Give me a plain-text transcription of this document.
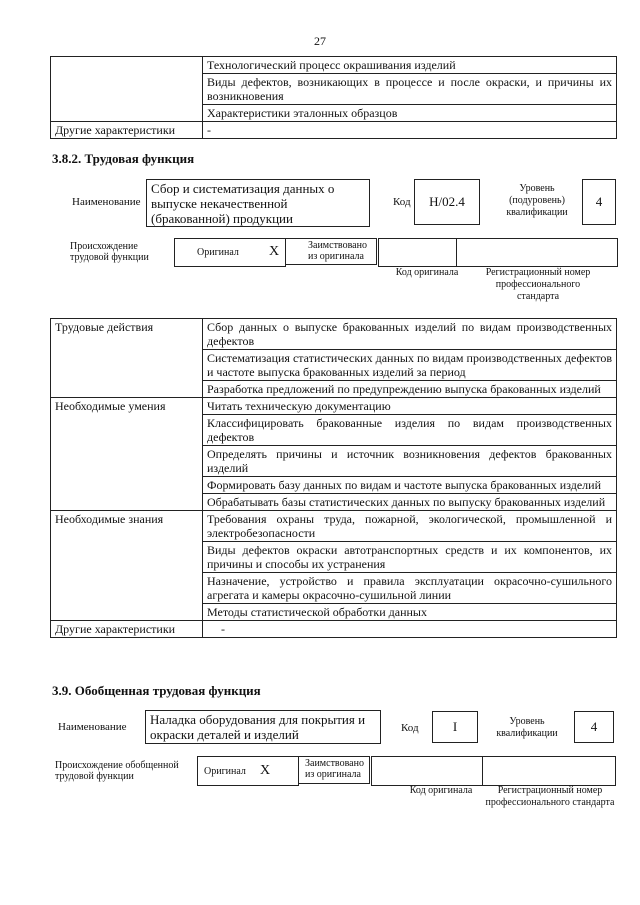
27
	Технологический процесс окрашивания изделий
	Виды дефектов, возникающих в процессе и после окраски, и причины их возникновения
	Характеристики эталонных образцов
Другие характеристики	-
3.8.2. Трудовая функция
Наименование
Сбор и систематизация данных о выпуске некачественной (бракованной) продукции
Код	H/02.4
Уровень (подуровень) квалификации
4
Происхождение трудовой функции	Оригинал X	Заимствовано из оригинала
Код оригинала	Регистрационный номер профессионального стандарта
Трудовые действия	Сбор данных о выпуске бракованных изделий по видам производственных дефектов
	Систематизация статистических данных по видам производственных дефектов и частоте выпуска бракованных изделий за период
	Разработка предложений по предупреждению выпуска бракованных изделий
Необходимые умения	Читать техническую документацию
	Классифицировать бракованные изделия по видам производственных дефектов
	Определять причины и источник возникновения дефектов бракованных изделий
	Формировать базу данных по видам и частоте выпуска бракованных изделий
	Обрабатывать базы статистических данных по выпуску бракованных изделий
Необходимые знания	Требования охраны труда, пожарной, экологической, промышленной и электробезопасности
	Виды дефектов окраски автотранспортных средств и их компонентов, их причины и способы их устранения
	Назначение, устройство и правила эксплуатации окрасочно-сушильного агрегата и камеры окрасочно-сушильной линии
	Методы статистической обработки данных
Другие характеристики	-
3.9. Обобщенная трудовая функция
Наименование	Наладка оборудования для покрытия и окраски деталей и изделий	Код	I	Уровень квалификации	4
Происхождение обобщенной трудовой функции	Оригинал X	Заимствовано из оригинала
Код оригинала	Регистрационный номер профессионального стандарта
